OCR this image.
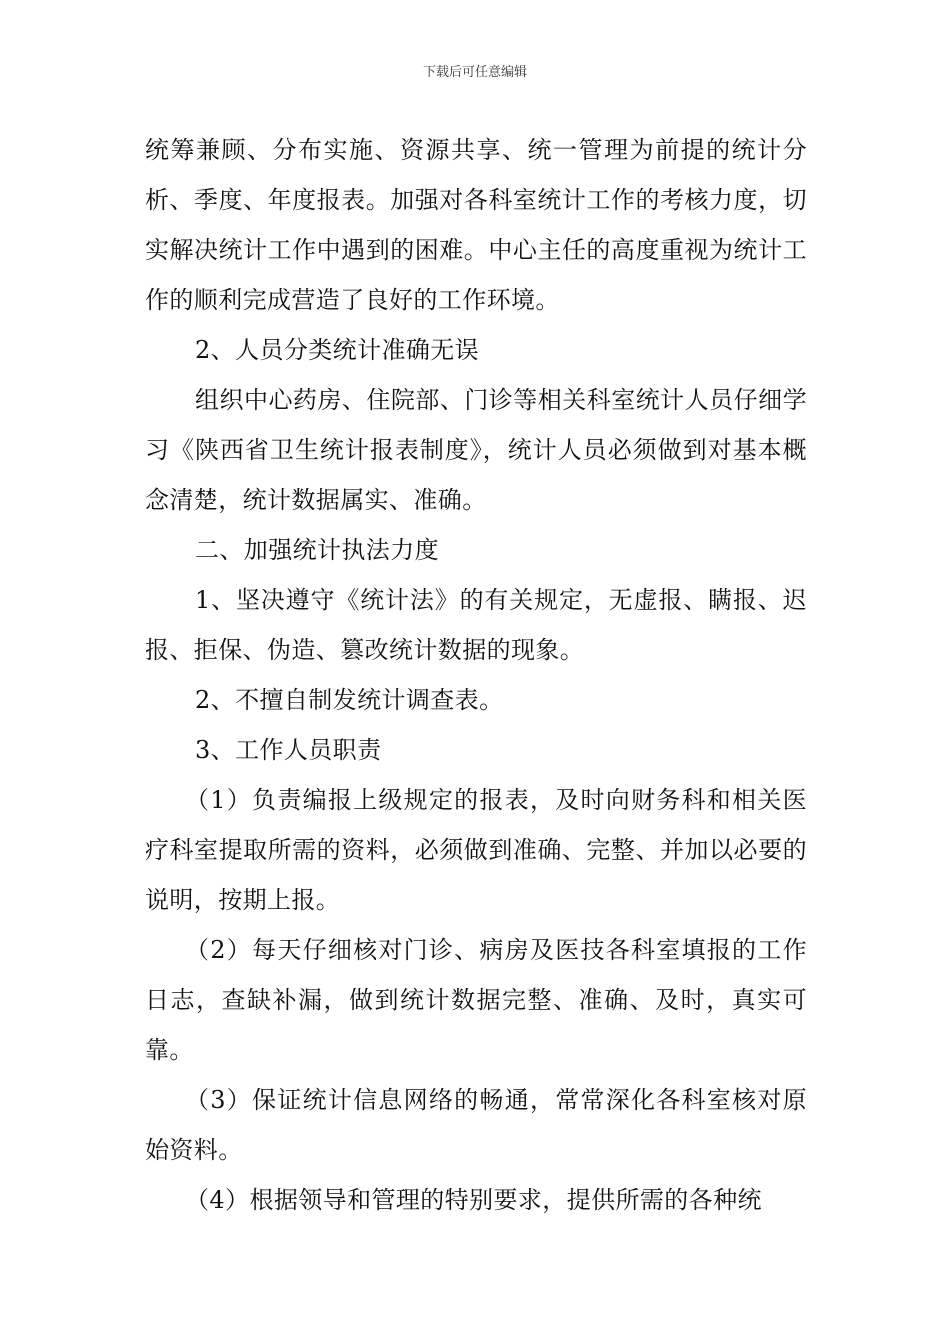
下载后可任意编辑

统筹兼顾、分布实施、资源共享、统一管理为前提的统计分析、季度、年度报表。加强对各科室统计工作的考核力度，切实解决统计工作中遇到的困难。中心主任的高度重视为统计工作的顺利完成营造了良好的工作环境。

2、人员分类统计准确无误

组织中心药房、住院部、门诊等相关科室统计人员仔细学习《陕西省卫生统计报表制度》，统计人员必须做到对基本概念清楚，统计数据属实、准确。

二、加强统计执法力度

1、坚决遵守《统计法》的有关规定，无虚报、瞒报、迟报、拒保、伪造、篡改统计数据的现象。

2、不擅自制发统计调查表。

3、工作人员职责

（1）负责编报上级规定的报表，及时向财务科和相关医疗科室提取所需的资料，必须做到准确、完整、并加以必要的说明，按期上报。

（2）每天仔细核对门诊、病房及医技各科室填报的工作日志，查缺补漏，做到统计数据完整、准确、及时，真实可靠。

（3）保证统计信息网络的畅通，常常深化各科室核对原始资料。

（4）根据领导和管理的特别要求，提供所需的各种统
